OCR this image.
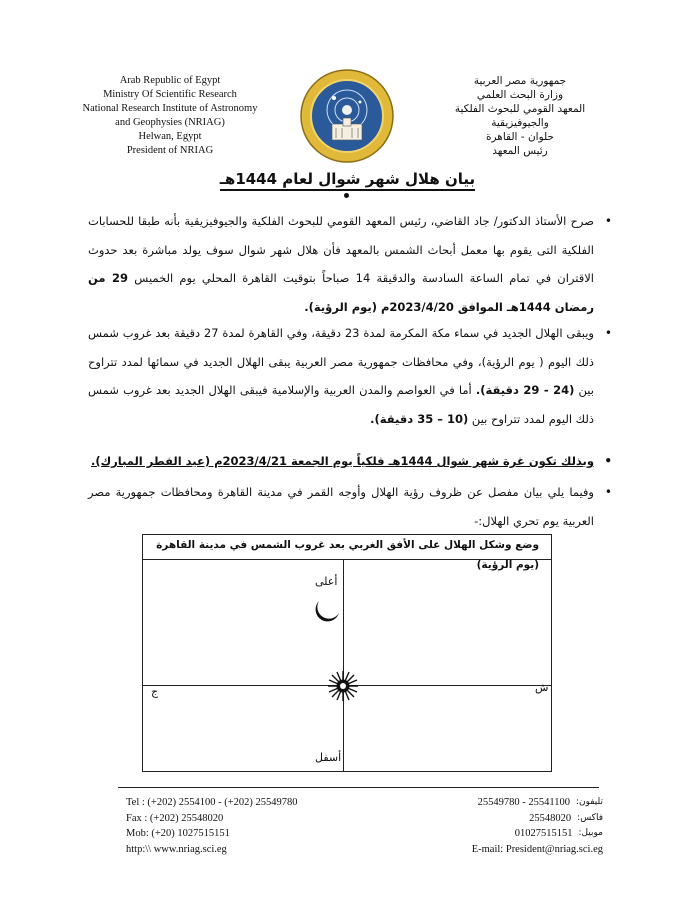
Arab Republic of Egypt
Ministry Of Scientific Research
National Research Institute of Astronomy
and Geophysies (NRIAG)
Helwan, Egypt
President of NRIAG
جمهورية مصر العربية
وزارة البحث العلمي
المعهد القومي للبحوث الفلكية والجيوفيزيقية
حلوان - القاهرة
رئيس المعهد
بيان هلال شهر شوال لعام 1444هـ

•
صرح الأستاذ الدكتور/ جاد القاضي، رئيس المعهد القومي للبحوث الفلكية والجيوفيزيقية بأنه طبقا للحسابات الفلكية التى يقوم بها معمل أبحاث الشمس بالمعهد فأن هلال شهر شوال سوف يولد مباشرة بعد حدوث الاقتران في تمام الساعة السادسة والدقيقة 14 صباحاً بتوقيت القاهرة المحلي يوم الخميس 29 من رمضان 1444هـ الموافق 2023/4/20م (يوم الرؤية).

•
ويبقى الهلال الجديد في سماء مكة المكرمة لمدة 23 دقيقة، وفي القاهرة لمدة 27 دقيقة بعد غروب شمس ذلك اليوم ( يوم الرؤية)، وفي محافظات جمهورية مصر العربية يبقى الهلال الجديد في سمائها لمدد تتراوح بين (24 - 29 دقيقة). أما في العواصم والمدن العربية والإسلامية فيبقى الهلال الجديد بعد غروب شمس ذلك اليوم لمدد تتراوح بين (10 – 35 دقيقة).

•
وبذلك تكون غرة شهر شوال 1444هـ فلكياً يوم الجمعة 2023/4/21م (عيد الفطر المبارك).

•
وفيما يلي بيان مفصل عن ظروف رؤية الهلال وأوجه القمر في مدينة القاهرة ومحافظات جمهورية مصر العربية يوم تحري الهلال:-

وضع وشكل الهلال على الأفق الغربي بعد غروب الشمس في مدينة القاهرة (يوم الرؤية)
أعلى
أسفل
ج	ش
Tel : (+202) 2554100 - (+202) 25549780
Fax : (+202) 25548020
Mob: (+20) 1027515151
http:\\ www.nriag.sci.eg
25549780 - 25541100 تليفون:
25548020 فاكس:
01027515151 موبيل:
E-mail: President@nriag.sci.eg
